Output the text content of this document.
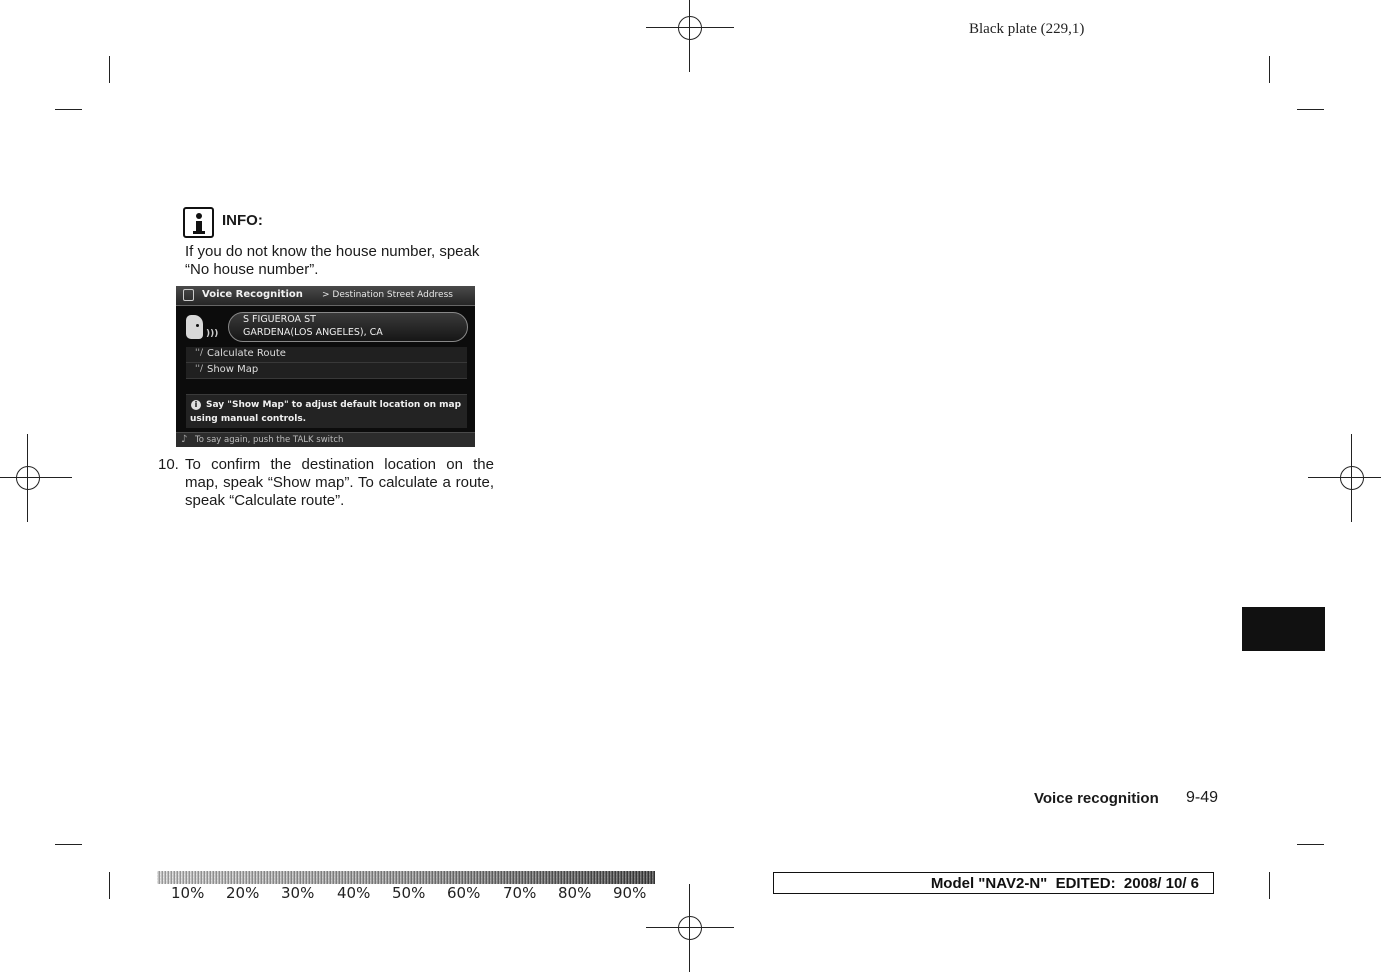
Black plate (229,1)
INFO:
If you do not know the house number, speak “No house number”.
Voice Recognition > Destination Street Address
)))
S FIGUEROA ST
GARDENA(LOS ANGELES), CA
''/ Calculate Route
''/ Show Map
i Say "Show Map" to adjust default location on map using manual controls.
♪ To say again, push the TALK switch
10. To confirm the destination location on the map, speak “Show map”. To calculate a route, speak “Calculate route”.
Voice recognition 9-49
10% 20% 30% 40% 50% 60% 70% 80% 90%
Model "NAV2-N"  EDITED:  2008/ 10/ 6
